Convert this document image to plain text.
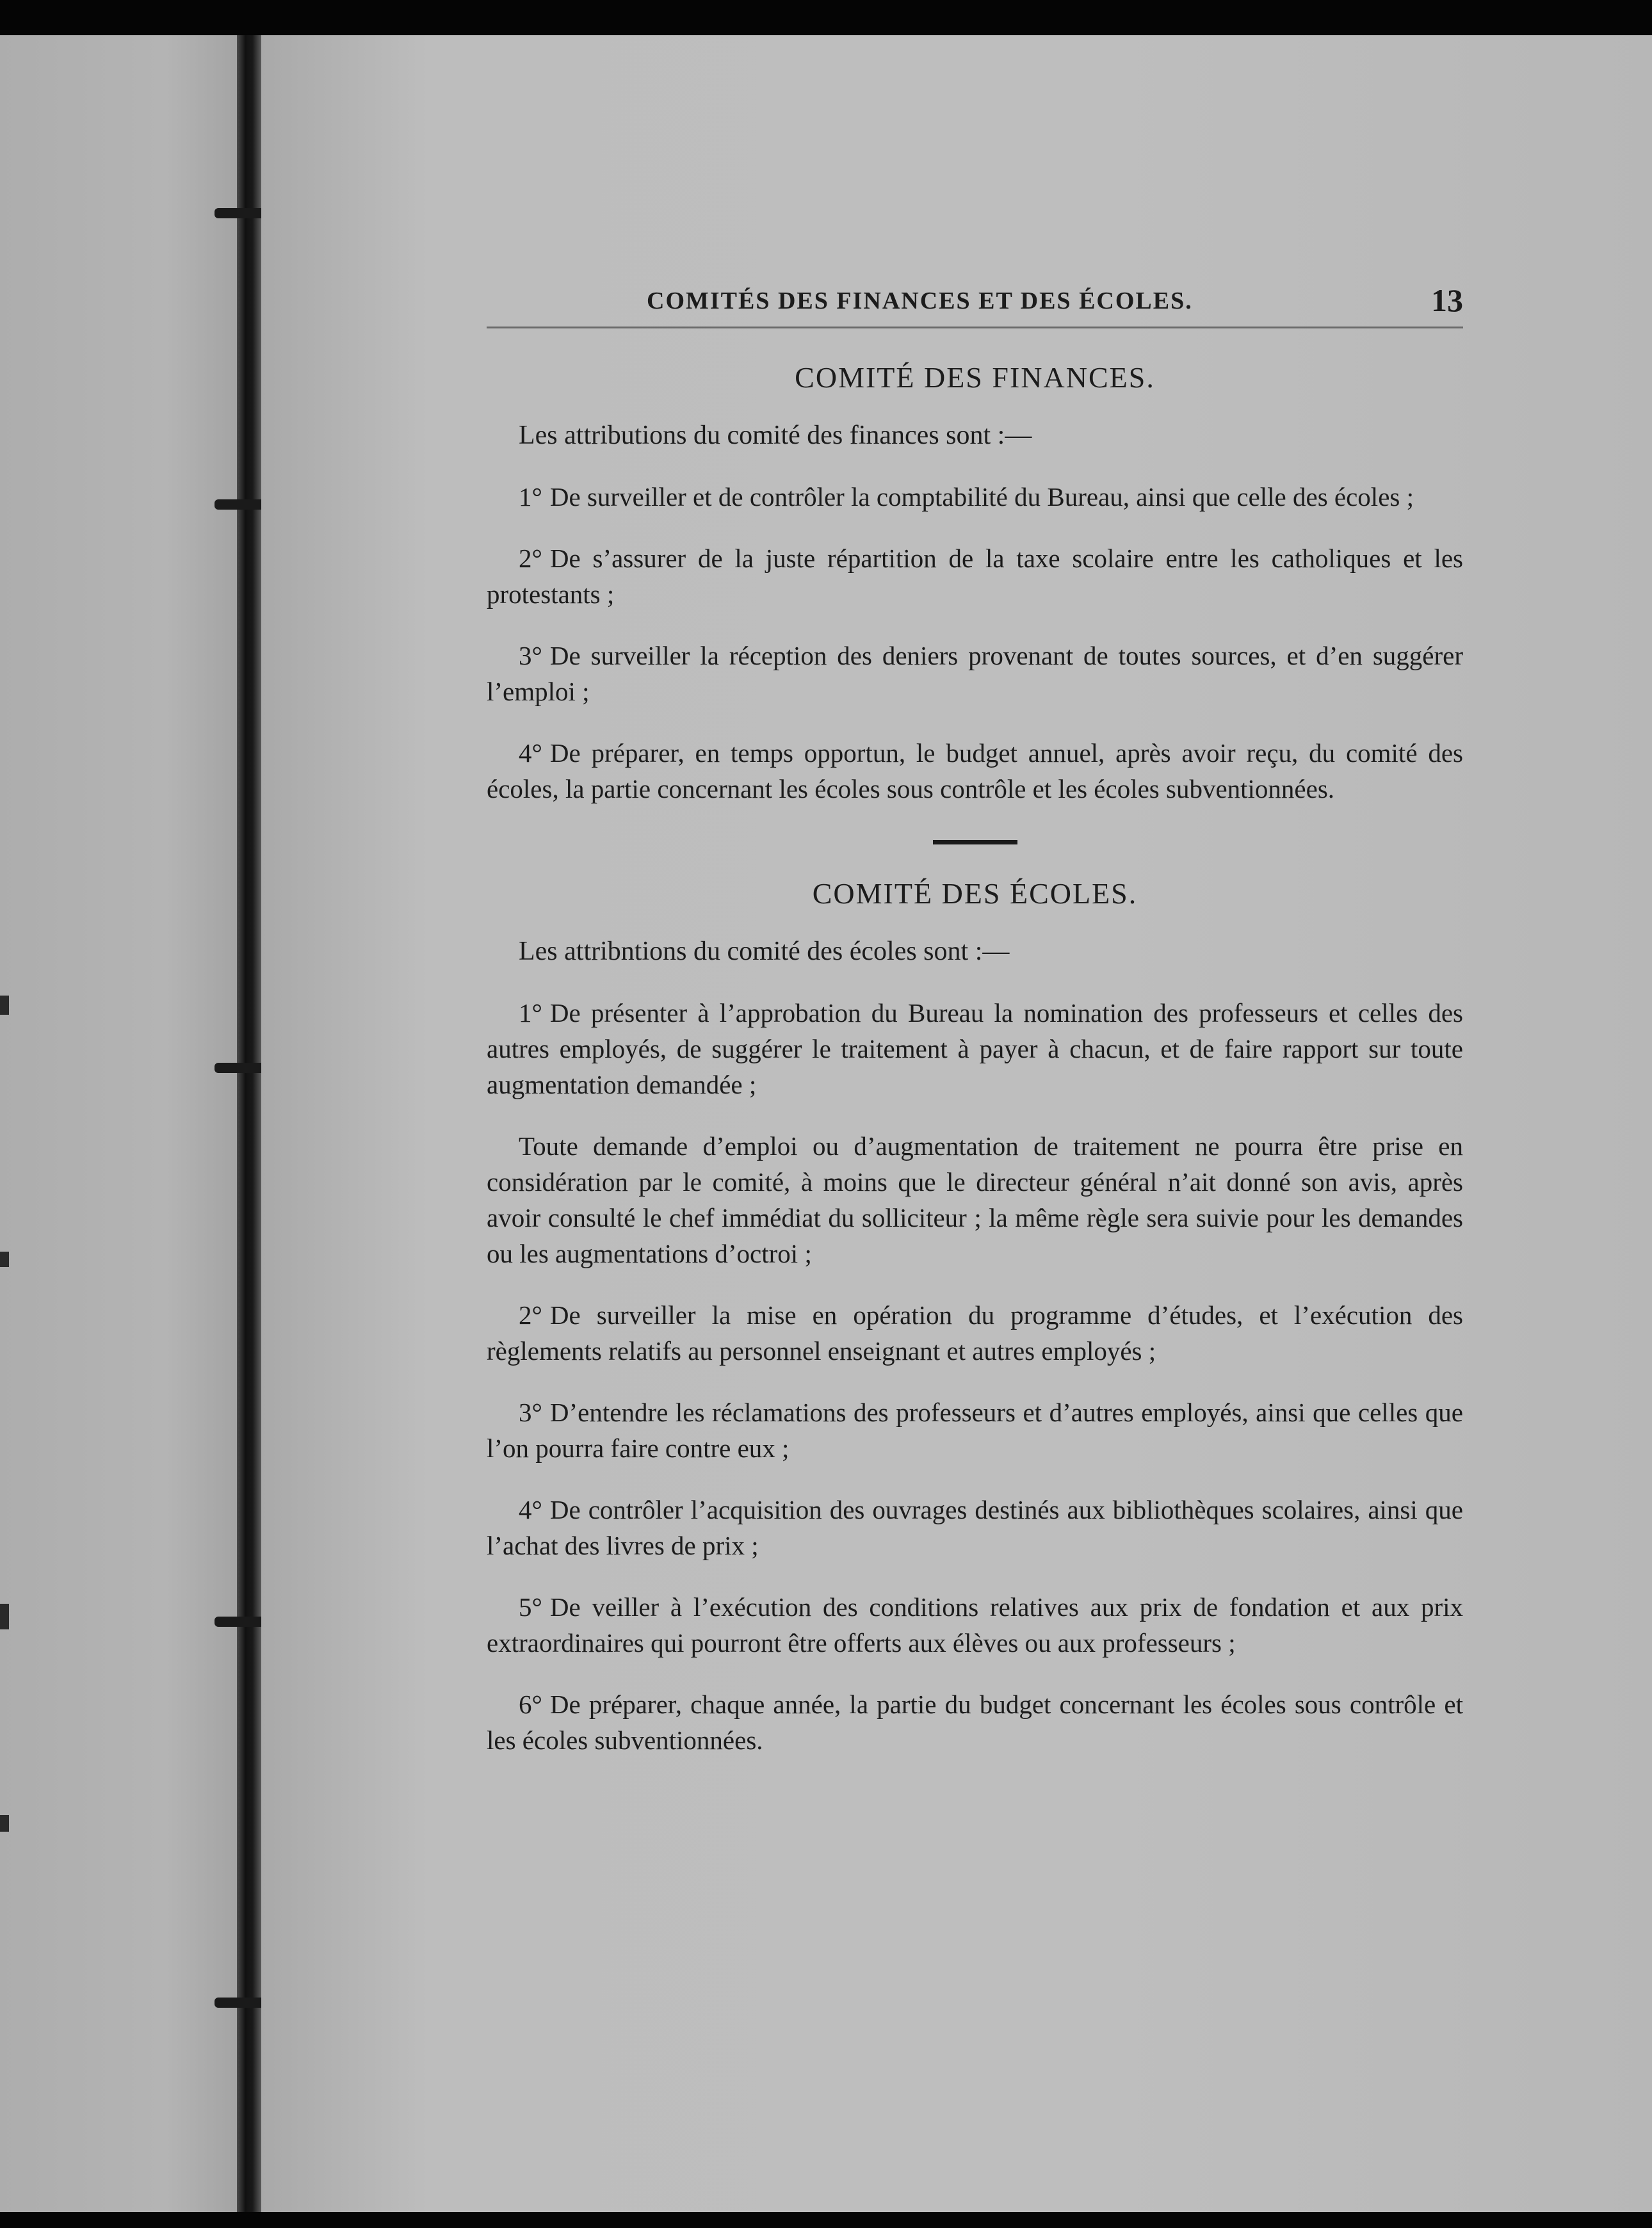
COMITÉS DES FINANCES ET DES ÉCOLES.	13
COMITÉ DES FINANCES.

Les attributions du comité des finances sont :—

1° De surveiller et de contrôler la comptabilité du Bureau, ainsi que celle des écoles ;

2° De s’assurer de la juste répartition de la taxe scolaire entre les catholiques et les protestants ;

3° De surveiller la réception des deniers provenant de toutes sources, et d’en suggérer l’emploi ;

4° De préparer, en temps opportun, le budget annuel, après avoir reçu, du comité des écoles, la partie concernant les écoles sous contrôle et les écoles subventionnées.

COMITÉ DES ÉCOLES.

Les attribntions du comité des écoles sont :—

1° De présenter à l’approbation du Bureau la nomination des professeurs et celles des autres employés, de suggérer le traitement à payer à chacun, et de faire rapport sur toute augmentation demandée ;

Toute demande d’emploi ou d’augmentation de traitement ne pourra être prise en considération par le comité, à moins que le directeur général n’ait donné son avis, après avoir consulté le chef immédiat du solliciteur ; la même règle sera suivie pour les demandes ou les augmentations d’octroi ;

2° De surveiller la mise en opération du programme d’études, et l’exécution des règlements relatifs au personnel enseignant et autres employés ;

3° D’entendre les réclamations des professeurs et d’autres employés, ainsi que celles que l’on pourra faire contre eux ;

4° De contrôler l’acquisition des ouvrages destinés aux bibliothèques scolaires, ainsi que l’achat des livres de prix ;

5° De veiller à l’exécution des conditions relatives aux prix de fondation et aux prix extraordinaires qui pourront être offerts aux élèves ou aux professeurs ;

6° De préparer, chaque année, la partie du budget concernant les écoles sous contrôle et les écoles subventionnées.
